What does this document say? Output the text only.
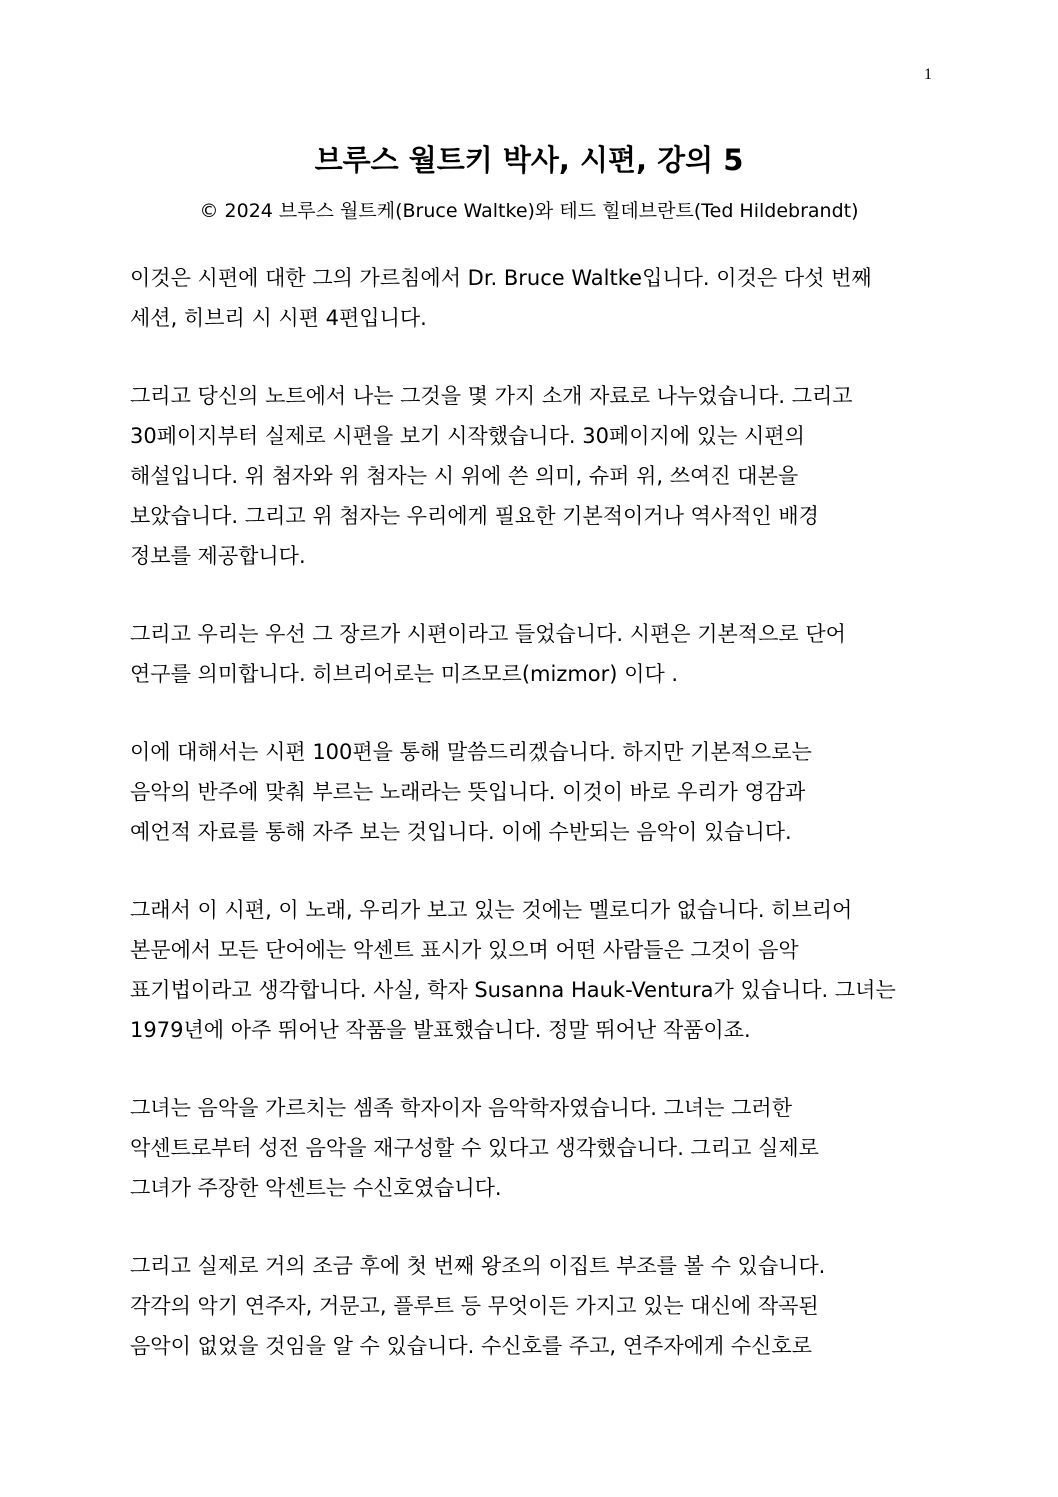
1
브루스 월트키 박사, 시편, 강의 5

© 2024 브루스 월트케(Bruce Waltke)와 테드 힐데브란트(Ted Hildebrandt)

이것은 시편에 대한 그의 가르침에서 Dr. Bruce Waltke입니다. 이것은 다섯 번째
세션, 히브리 시 시편 4편입니다.

그리고 당신의 노트에서 나는 그것을 몇 가지 소개 자료로 나누었습니다. 그리고
30페이지부터 실제로 시편을 보기 시작했습니다. 30페이지에 있는 시편의
해설입니다. 위 첨자와 위 첨자는 시 위에 쓴 의미, 슈퍼 위, 쓰여진 대본을
보았습니다. 그리고 위 첨자는 우리에게 필요한 기본적이거나 역사적인 배경
정보를 제공합니다.

그리고 우리는 우선 그 장르가 시편이라고 들었습니다. 시편은 기본적으로 단어
연구를 의미합니다. 히브리어로는 미즈모르(mizmor) 이다 .

이에 대해서는 시편 100편을 통해 말씀드리겠습니다. 하지만 기본적으로는
음악의 반주에 맞춰 부르는 노래라는 뜻입니다. 이것이 바로 우리가 영감과
예언적 자료를 통해 자주 보는 것입니다. 이에 수반되는 음악이 있습니다.

그래서 이 시편, 이 노래, 우리가 보고 있는 것에는 멜로디가 없습니다. 히브리어
본문에서 모든 단어에는 악센트 표시가 있으며 어떤 사람들은 그것이 음악
표기법이라고 생각합니다. 사실, 학자 Susanna Hauk-Ventura가 있습니다. 그녀는
1979년에 아주 뛰어난 작품을 발표했습니다. 정말 뛰어난 작품이죠.

그녀는 음악을 가르치는 셈족 학자이자 음악학자였습니다. 그녀는 그러한
악센트로부터 성전 음악을 재구성할 수 있다고 생각했습니다. 그리고 실제로
그녀가 주장한 악센트는 수신호였습니다.

그리고 실제로 거의 조금 후에 첫 번째 왕조의 이집트 부조를 볼 수 있습니다.
각각의 악기 연주자, 거문고, 플루트 등 무엇이든 가지고 있는 대신에 작곡된
음악이 없었을 것임을 알 수 있습니다. 수신호를 주고, 연주자에게 수신호로
